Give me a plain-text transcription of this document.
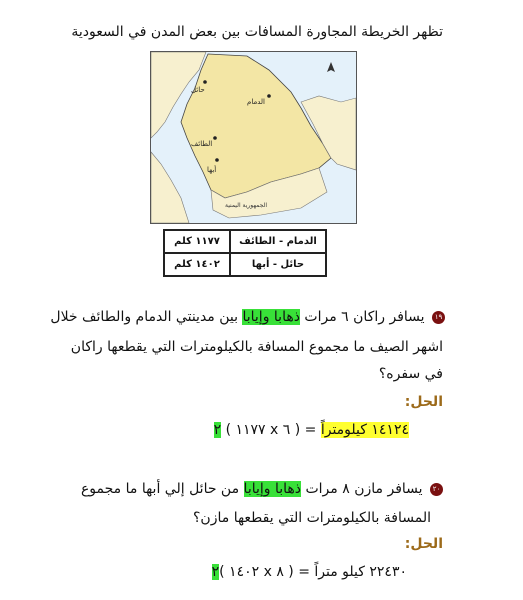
تظهر الخريطة المجاورة المسافات بين بعض المدن في السعودية
حائل
الدمام
الطائف
أبها
الجمهورية اليمنية
الدمام - الطائف	١١٧٧ كلم
حائل - أبها	١٤٠٢ كلم
١٩ يسافر راكان ٦ مرات ذهابا وإيابا بين مدينتي الدمام والطائف خلال
اشهر الصيف ما مجموع المسافة بالكيلومترات التي يقطعها راكان
في سفره؟
الحل:
٢ ( ١١٧٧ x ٦ ) = ١٤١٢٤ كيلومتراً
٢٠ يسافر مازن ٨ مرات ذهابا وإيابا من حائل إلي أبها ما مجموع
المسافة بالكيلومترات التي يقطعها مازن؟
الحل:
٢( ١٤٠٢ x ٨ ) = ٢٢٤٣٠ كيلو متراً
